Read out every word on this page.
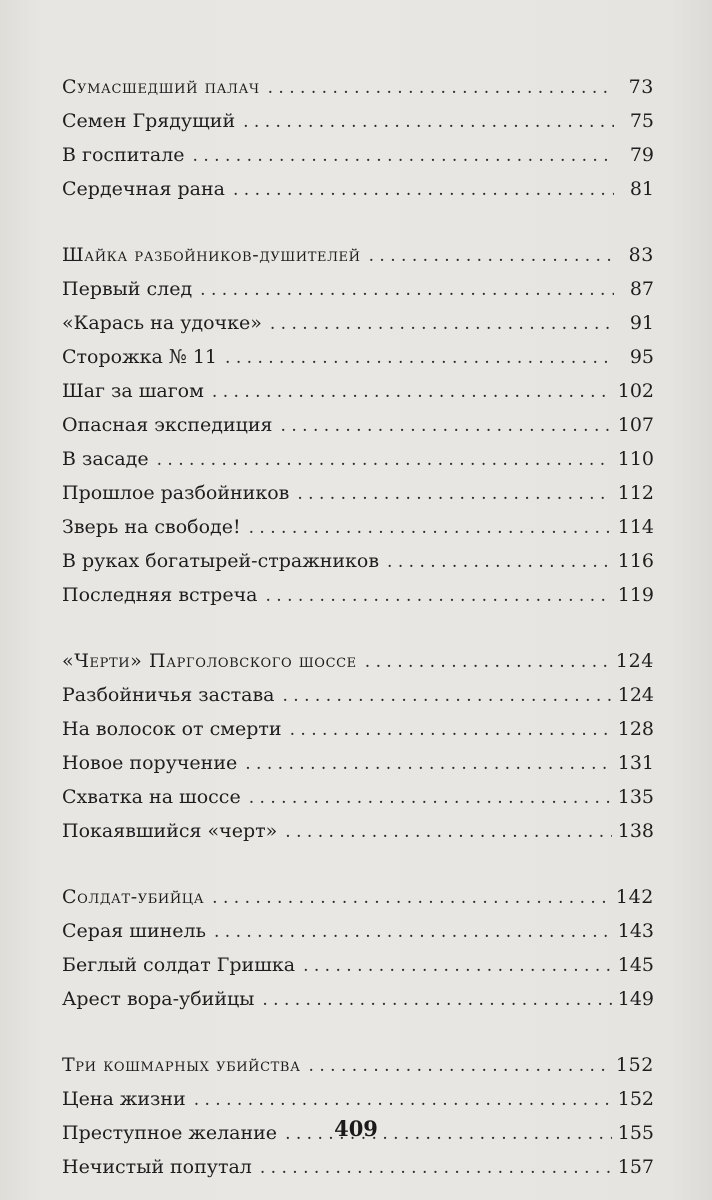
Сумасшедший палач . . .	73
Семен Грядущий . . .	75
В госпитале . . .	79
Сердечная рана . . .	81
Шайка разбойников-душителей . . .	83
Первый след . . .	87
«Карась на удочке» . . .	91
Сторожка № 11 . . .	95
Шаг за шагом . . .	102
Опасная экспедиция . . .	107
В засаде . . .	110
Прошлое разбойников . . .	112
Зверь на свободе! . . .	114
В руках богатырей-стражников . . .	116
Последняя встреча . . .	119
«Черти» Парголовского шоссе . . .	124
Разбойничья застава . . .	124
На волосок от смерти . . .	128
Новое поручение . . .	131
Схватка на шоссе . . .	135
Покаявшийся «черт» . . .	138
Солдат-убийца . . .	142
Серая шинель . . .	143
Беглый солдат Гришка . . .	145
Арест вора-убийцы . . .	149
Три кошмарных убийства . . .	152
Цена жизни . . .	152
Преступное желание . . .	155
Нечистый попутал . . .	157
409
